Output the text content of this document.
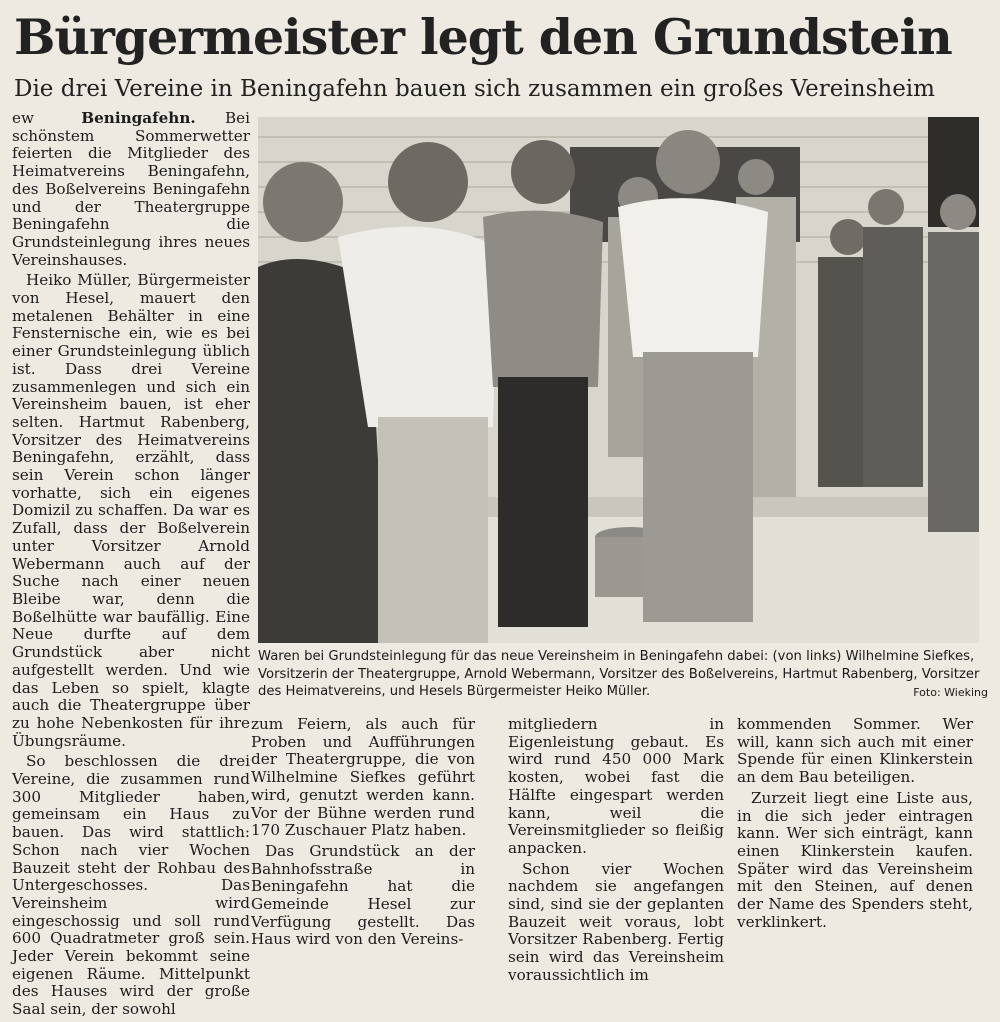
Bürgermeister legt den Grundstein
Die drei Vereine in Beningafehn bauen sich zusammen ein großes Vereinsheim

ew	Beningafehn. Bei schönstem Sommerwetter feierten die Mitglieder des Heimatvereins Beningafehn, des Boßelvereins Beningafehn und der Theatergruppe Beningafehn die Grundsteinlegung ihres neues Vereinshauses.

Heiko Müller, Bürgermeister von Hesel, mauert den metalenen Behälter in eine Fensternische ein, wie es bei einer Grundsteinlegung üblich ist. Dass drei Vereine zusammenlegen und sich ein Vereinsheim bauen, ist eher selten. Hartmut Rabenberg, Vorsitzer des Heimatvereins Beningafehn, erzählt, dass sein Verein schon länger vorhatte, sich ein eigenes Domizil zu schaffen. Da war es Zufall, dass der Boßelverein unter Vorsitzer Arnold Webermann auch auf der Suche nach einer neuen Bleibe war, denn die Boßelhütte war baufällig. Eine Neue durfte auf dem Grundstück aber nicht aufgestellt werden. Und wie das Leben so spielt, klagte auch die Theatergruppe über zu hohe Nebenkosten für ihre Übungsräume.

So beschlossen die drei Vereine, die zusammen rund 300 Mitglieder haben, gemeinsam ein Haus zu bauen. Das wird stattlich: Schon nach vier Wochen Bauzeit steht der Rohbau des Untergeschosses. Das Vereinsheim wird eingeschossig und soll rund 600 Quadratmeter groß sein. Jeder Verein bekommt seine eigenen Räume. Mittelpunkt des Hauses wird der große Saal sein, der sowohl

Waren bei Grundsteinlegung für das neue Vereinsheim in Beningafehn dabei: (von links) Wilhelmine Siefkes, Vorsitzerin der Theatergruppe, Arnold Webermann, Vorsitzer des Boßelvereins, Hartmut Rabenberg, Vorsitzer des Heimatvereins, und Hesels Bürgermeister Heiko Müller.	Foto: Wieking

zum Feiern, als auch für Proben und Aufführungen der Theatergruppe, die von Wilhelmine Siefkes geführt wird, genutzt werden kann. Vor der Bühne werden rund 170 Zuschauer Platz haben.

Das Grundstück an der Bahnhofsstraße in Beningafehn hat die Gemeinde Hesel zur Verfügung gestellt. Das Haus wird von den Vereins-

mitgliedern in Eigenleistung gebaut. Es wird rund 450 000 Mark kosten, wobei fast die Hälfte eingespart werden kann, weil die Vereinsmitglieder so fleißig anpacken.

Schon vier Wochen nachdem sie angefangen sind, sind sie der geplanten Bauzeit weit voraus, lobt Vorsitzer Rabenberg. Fertig sein wird das Vereinsheim voraussichtlich im

kommenden Sommer. Wer will, kann sich auch mit einer Spende für einen Klinkerstein an dem Bau beteiligen.

Zurzeit liegt eine Liste aus, in die sich jeder eintragen kann. Wer sich einträgt, kann einen Klinkerstein kaufen. Später wird das Vereinsheim mit den Steinen, auf denen der Name des Spenders steht, verklinkert.
